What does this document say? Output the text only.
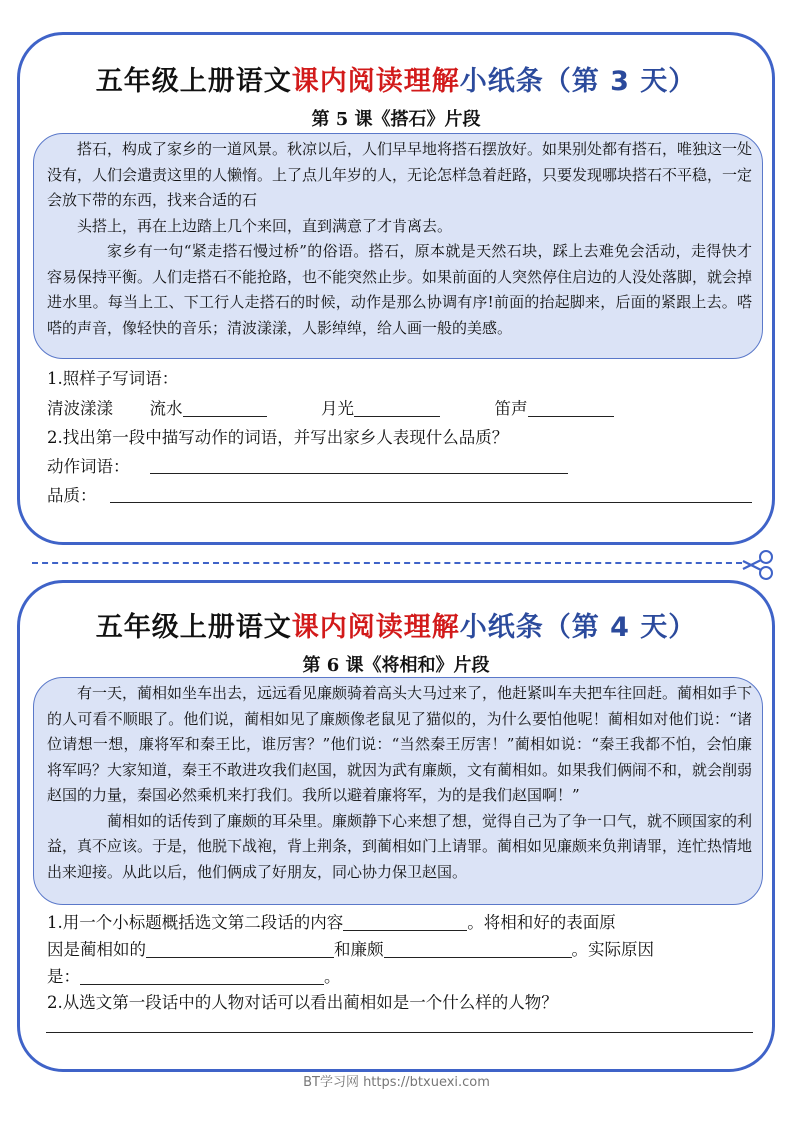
五年级上册语文课内阅读理解小纸条（第 3 天）
第 5 课《搭石》片段

搭石，构成了家乡的一道风景。秋凉以后，人们早早地将搭石摆放好。如果别处都有搭石，唯独这一处没有，人们会遣责这里的人懒惰。上了点儿年岁的人，无论怎样急着赶路，只要发现哪块搭石不平稳，一定会放下带的东西，找来合适的石

头搭上，再在上边踏上几个来回，直到满意了才肯离去。

家乡有一句“紧走搭石慢过桥”的俗语。搭石，原本就是天然石块，踩上去难免会活动，走得快才容易保持平衡。人们走搭石不能抢路，也不能突然止步。如果前面的人突然停住启边的人没处落脚，就会掉进水里。每当上工、下工行人走搭石的时候，动作是那么协调有序!前面的抬起脚来，后面的紧跟上去。嗒嗒的声音，像轻快的音乐；清波漾漾，人影绰绰，给人画一般的美感。

1.照样子写词语：
清波漾漾 流水	月光	笛声
2.找出第一段中描写动作的词语，并写出家乡人表现什么品质？
动作词语：
品质：
五年级上册语文课内阅读理解小纸条（第 4 天）
第 6 课《将相和》片段

有一天，蔺相如坐车出去，远远看见廉颇骑着高头大马过来了，他赶紧叫车夫把车往回赶。蔺相如手下的人可看不顺眼了。他们说，蔺相如见了廉颇像老鼠见了猫似的，为什么要怕他呢！蔺相如对他们说：“诸位请想一想，廉将军和秦王比，谁厉害？”他们说：“当然秦王厉害！”蔺相如说：“秦王我都不怕，会怕廉将军吗？大家知道，秦王不敢进攻我们赵国，就因为武有廉颇，文有蔺相如。如果我们俩闹不和，就会削弱赵国的力量，秦国必然乘机来打我们。我所以避着廉将军，为的是我们赵国啊！”

蔺相如的话传到了廉颇的耳朵里。廉颇静下心来想了想，觉得自己为了争一口气，就不顾国家的利益，真不应该。于是，他脱下战袍，背上荆条，到蔺相如门上请罪。蔺相如见廉颇来负荆请罪，连忙热情地出来迎接。从此以后，他们俩成了好朋友，同心协力保卫赵国。

1.用一个小标题概括选文第二段话的内容	。将相和好的表面原
因是蔺相如的	和廉颇	。实际原因
是：	。
2.从选文第一段话中的人物对话可以看出蔺相如是一个什么样的人物？
BT学习网 https://btxuexi.com
